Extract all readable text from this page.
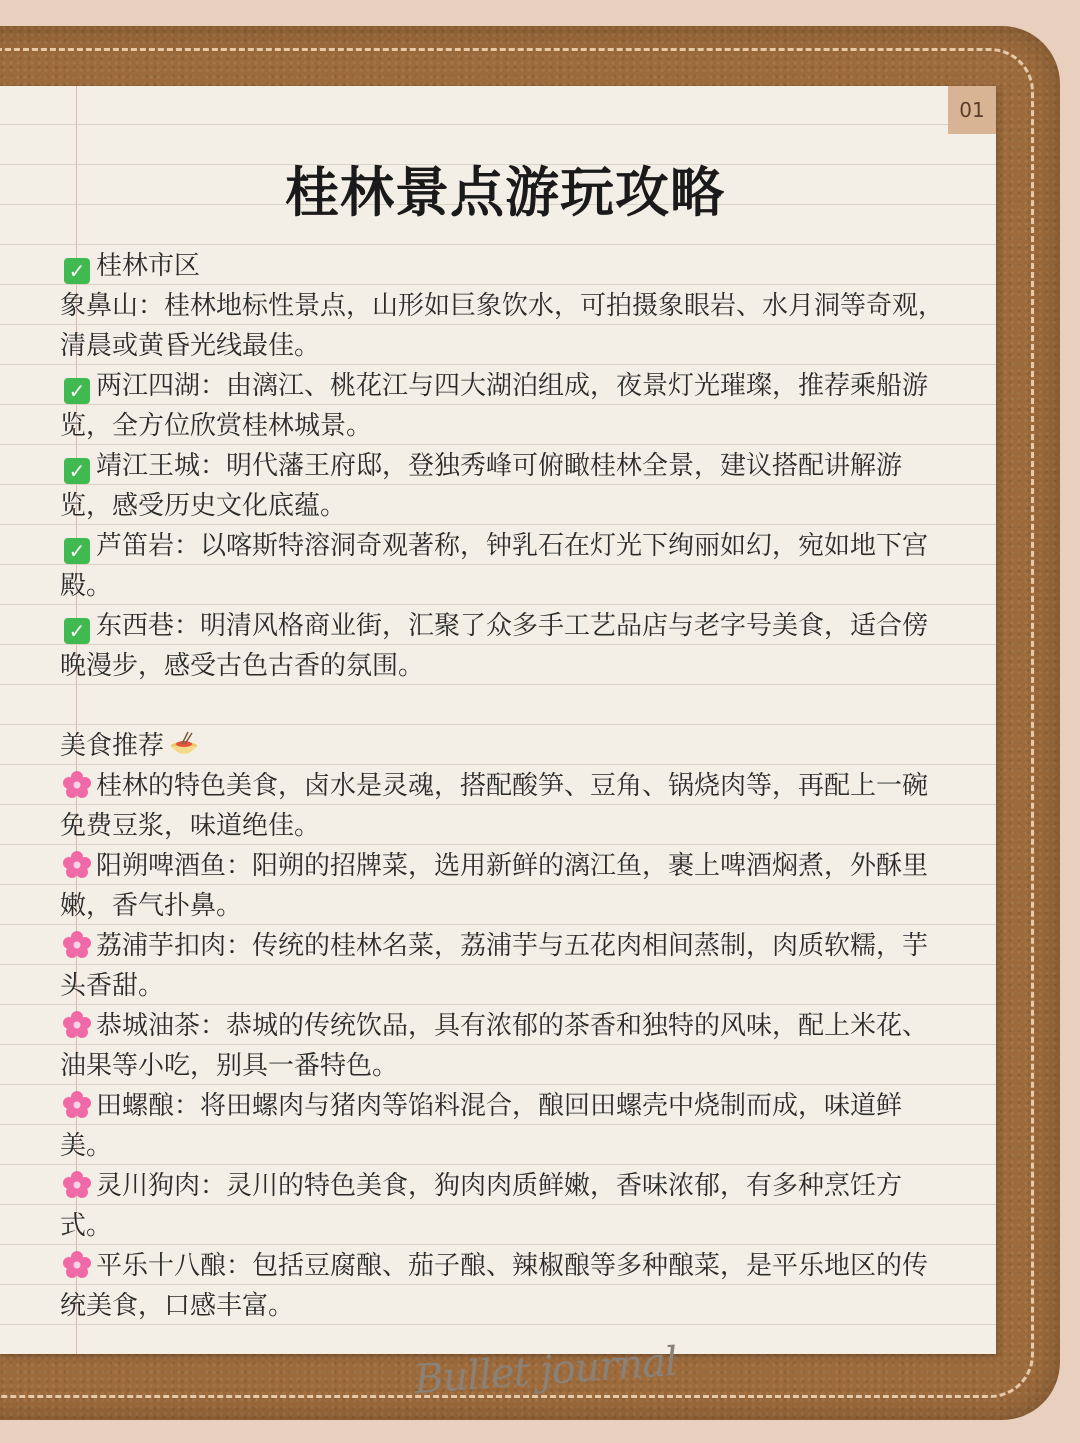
01
桂林景点游玩攻略

✓ 桂林市区

象鼻山：桂林地标性景点，山形如巨象饮水，可拍摄象眼岩、水月洞等奇观，清晨或黄昏光线最佳。

✓ 两江四湖：由漓江、桃花江与四大湖泊组成，夜景灯光璀璨，推荐乘船游览，全方位欣赏桂林城景。

✓ 靖江王城：明代藩王府邸，登独秀峰可俯瞰桂林全景，建议搭配讲解游览，感受历史文化底蕴。

✓ 芦笛岩：以喀斯特溶洞奇观著称，钟乳石在灯光下绚丽如幻，宛如地下宫殿。

✓ 东西巷：明清风格商业街，汇聚了众多手工艺品店与老字号美食，适合傍晚漫步，感受古色古香的氛围。

美食推荐

桂林的特色美食，卤水是灵魂，搭配酸笋、豆角、锅烧肉等，再配上一碗免费豆浆，味道绝佳。

阳朔啤酒鱼：阳朔的招牌菜，选用新鲜的漓江鱼，裹上啤酒焖煮，外酥里嫩，香气扑鼻。

荔浦芋扣肉：传统的桂林名菜，荔浦芋与五花肉相间蒸制，肉质软糯，芋头香甜。

恭城油茶：恭城的传统饮品，具有浓郁的茶香和独特的风味，配上米花、油果等小吃，别具一番特色。

田螺酿：将田螺肉与猪肉等馅料混合，酿回田螺壳中烧制而成，味道鲜美。

灵川狗肉：灵川的特色美食，狗肉肉质鲜嫩，香味浓郁，有多种烹饪方式。

平乐十八酿：包括豆腐酿、茄子酿、辣椒酿等多种酿菜，是平乐地区的传统美食，口感丰富。

Bullet journal
